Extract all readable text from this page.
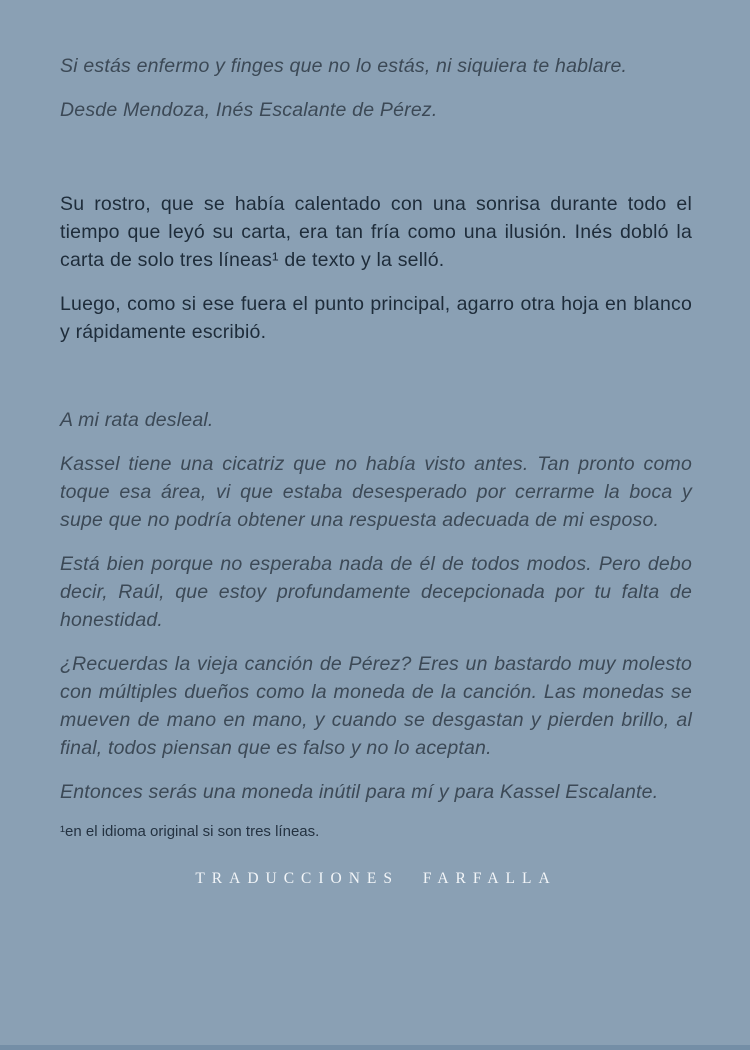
Si estás enfermo y finges que no lo estás, ni siquiera te hablare.

Desde Mendoza, Inés Escalante de Pérez.

Su rostro, que se había calentado con una sonrisa durante todo el tiempo que leyó su carta, era tan fría como una ilusión. Inés dobló la carta de solo tres líneas¹ de texto y la selló.

Luego, como si ese fuera el punto principal, agarro otra hoja en blanco y rápidamente escribió.

A mi rata desleal.

Kassel tiene una cicatriz que no había visto antes. Tan pronto como toque esa área, vi que estaba desesperado por cerrarme la boca y supe que no podría obtener una respuesta adecuada de mi esposo.

Está bien porque no esperaba nada de él de todos modos. Pero debo decir, Raúl, que estoy profundamente decepcionada por tu falta de honestidad.

¿Recuerdas la vieja canción de Pérez? Eres un bastardo muy molesto con múltiples dueños como la moneda de la canción. Las monedas se mueven de mano en mano, y cuando se desgastan y pierden brillo, al final, todos piensan que es falso y no lo aceptan.

Entonces serás una moneda inútil para mí y para Kassel Escalante.

¹en el idioma original si son tres líneas.

TRADUCCIONES FARFALLA
